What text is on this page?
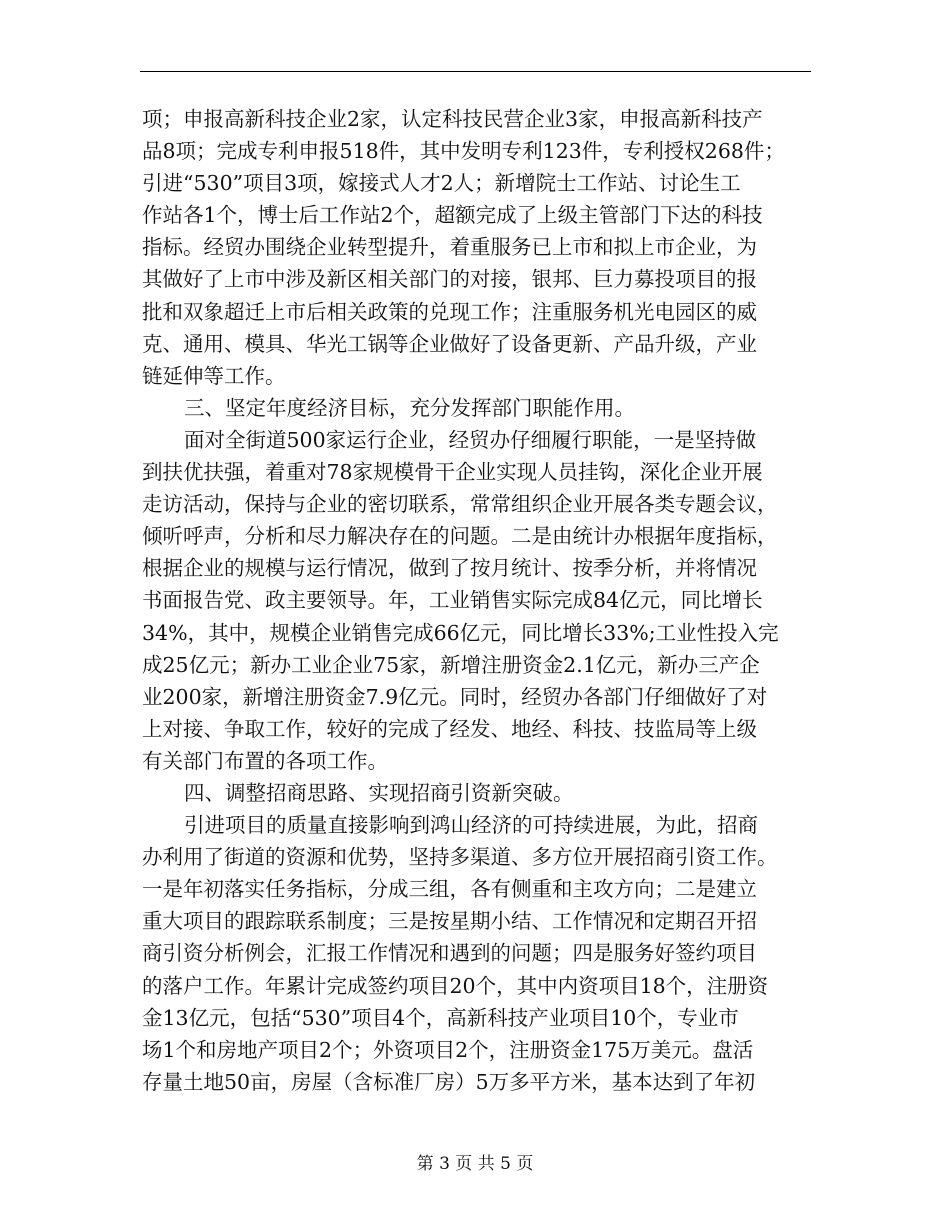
项；申报高新科技企业2家，认定科技民营企业3家，申报高新科技产
品8项；完成专利申报518件，其中发明专利123件，专利授权268件；
引进“530”项目3项，嫁接式人才2人；新增院士工作站、讨论生工
作站各1个，博士后工作站2个，超额完成了上级主管部门下达的科技
指标。经贸办围绕企业转型提升，着重服务已上市和拟上市企业，为
其做好了上市中涉及新区相关部门的对接，银邦、巨力募投项目的报
批和双象超迁上市后相关政策的兑现工作；注重服务机光电园区的威
克、通用、模具、华光工锅等企业做好了设备更新、产品升级，产业
链延伸等工作。
三、坚定年度经济目标，充分发挥部门职能作用。
面对全街道500家运行企业，经贸办仔细履行职能，一是坚持做
到扶优扶强，着重对78家规模骨干企业实现人员挂钩，深化企业开展
走访活动，保持与企业的密切联系，常常组织企业开展各类专题会议，
倾听呼声，分析和尽力解决存在的问题。二是由统计办根据年度指标，
根据企业的规模与运行情况，做到了按月统计、按季分析，并将情况
书面报告党、政主要领导。年，工业销售实际完成84亿元，同比增长
34%，其中，规模企业销售完成66亿元，同比增长33%;工业性投入完
成25亿元；新办工业企业75家，新增注册资金2.1亿元，新办三产企
业200家，新增注册资金7.9亿元。同时，经贸办各部门仔细做好了对
上对接、争取工作，较好的完成了经发、地经、科技、技监局等上级
有关部门布置的各项工作。
四、调整招商思路、实现招商引资新突破。
引进项目的质量直接影响到鸿山经济的可持续进展，为此，招商
办利用了街道的资源和优势，坚持多渠道、多方位开展招商引资工作。
一是年初落实任务指标，分成三组，各有侧重和主攻方向；二是建立
重大项目的跟踪联系制度；三是按星期小结、工作情况和定期召开招
商引资分析例会，汇报工作情况和遇到的问题；四是服务好签约项目
的落户工作。年累计完成签约项目20个，其中内资项目18个，注册资
金13亿元，包括“530”项目4个，高新科技产业项目10个，专业市
场1个和房地产项目2个；外资项目2个，注册资金175万美元。盘活
存量土地50亩，房屋（含标准厂房）5万多平方米，基本达到了年初
第 3 页 共 5 页
